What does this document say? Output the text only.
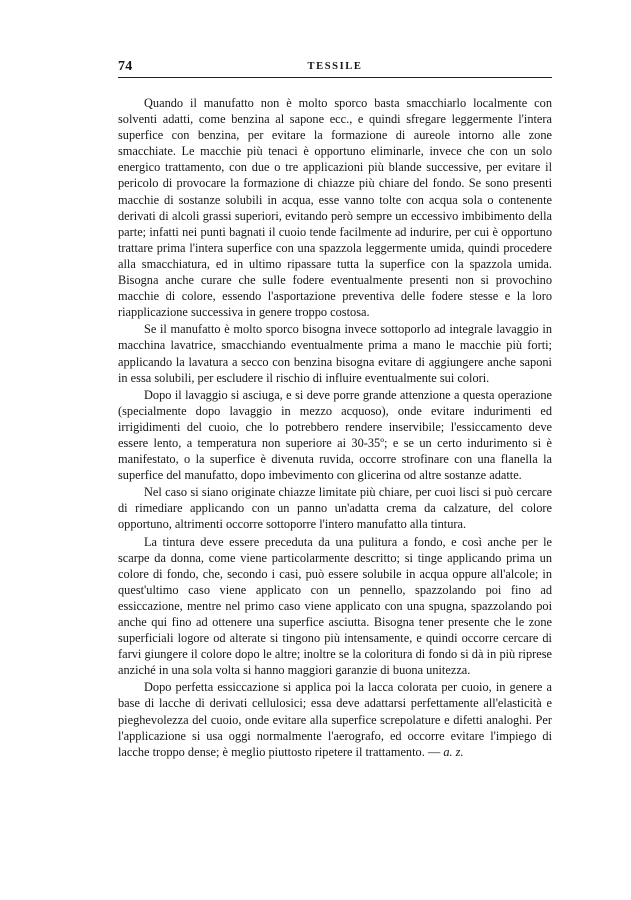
74	TESSILE

Quando il manufatto non è molto sporco basta smacchiarlo localmente con solventi adatti, come benzina al sapone ecc., e quindi sfregare leggermente l'intera superfice con benzina, per evitare la formazione di aureole intorno alle zone smacchiate. Le macchie più tenaci è opportuno eliminarle, invece che con un solo energico trattamento, con due o tre applicazioni più blande successive, per evitare il pericolo di provocare la formazione di chiazze più chiare del fondo. Se sono presenti macchie di sostanze solubili in acqua, esse vanno tolte con acqua sola o contenente derivati di alcoli grassi superiori, evitando però sempre un eccessivo imbibimento della parte; infatti nei punti bagnati il cuoio tende facilmente ad indurire, per cui è opportuno trattare prima l'intera superfice con una spazzola leggermente umida, quindi procedere alla smacchiatura, ed in ultimo ripassare tutta la superfice con la spazzola umida. Bisogna anche curare che sulle fodere eventualmente presenti non si provochino macchie di colore, essendo l'asportazione preventiva delle fodere stesse e la loro riapplicazione successiva in genere troppo costosa.

Se il manufatto è molto sporco bisogna invece sottoporlo ad integrale lavaggio in macchina lavatrice, smacchiando eventualmente prima a mano le macchie più forti; applicando la lavatura a secco con benzina bisogna evitare di aggiungere anche saponi in essa solubili, per escludere il rischio di influire eventualmente sui colori.

Dopo il lavaggio si asciuga, e si deve porre grande attenzione a questa operazione (specialmente dopo lavaggio in mezzo acquoso), onde evitare indurimenti ed irrigidimenti del cuoio, che lo potrebbero rendere inservibile; l'essiccamento deve essere lento, a temperatura non superiore ai 30-35º; e se un certo indurimento si è manifestato, o la superfice è divenuta ruvida, occorre strofinare con una flanella la superfice del manufatto, dopo imbevimento con glicerina od altre sostanze adatte.

Nel caso si siano originate chiazze limitate più chiare, per cuoi lisci si può cercare di rimediare applicando con un panno un'adatta crema da calzature, del colore opportuno, altrimenti occorre sottoporre l'intero manufatto alla tintura.

La tintura deve essere preceduta da una pulitura a fondo, e così anche per le scarpe da donna, come viene particolarmente descritto; si tinge applicando prima un colore di fondo, che, secondo i casi, può essere solubile in acqua oppure all'alcole; in quest'ultimo caso viene applicato con un pennello, spazzolando poi fino ad essiccazione, mentre nel primo caso viene applicato con una spugna, spazzolando poi anche qui fino ad ottenere una superfice asciutta. Bisogna tener presente che le zone superficiali logore od alterate si tingono più intensamente, e quindi occorre cercare di farvi giungere il colore dopo le altre; inoltre se la coloritura di fondo si dà in più riprese anziché in una sola volta si hanno maggiori garanzie di buona unitezza.

Dopo perfetta essiccazione si applica poi la lacca colorata per cuoio, in genere a base di lacche di derivati cellulosici; essa deve adattarsi perfettamente all'elasticità e pieghevolezza del cuoio, onde evitare alla superfice screpolature e difetti analoghi. Per l'applicazione si usa oggi normalmente l'aerografo, ed occorre evitare l'impiego di lacche troppo dense; è meglio piuttosto ripetere il trattamento. — a. z.
